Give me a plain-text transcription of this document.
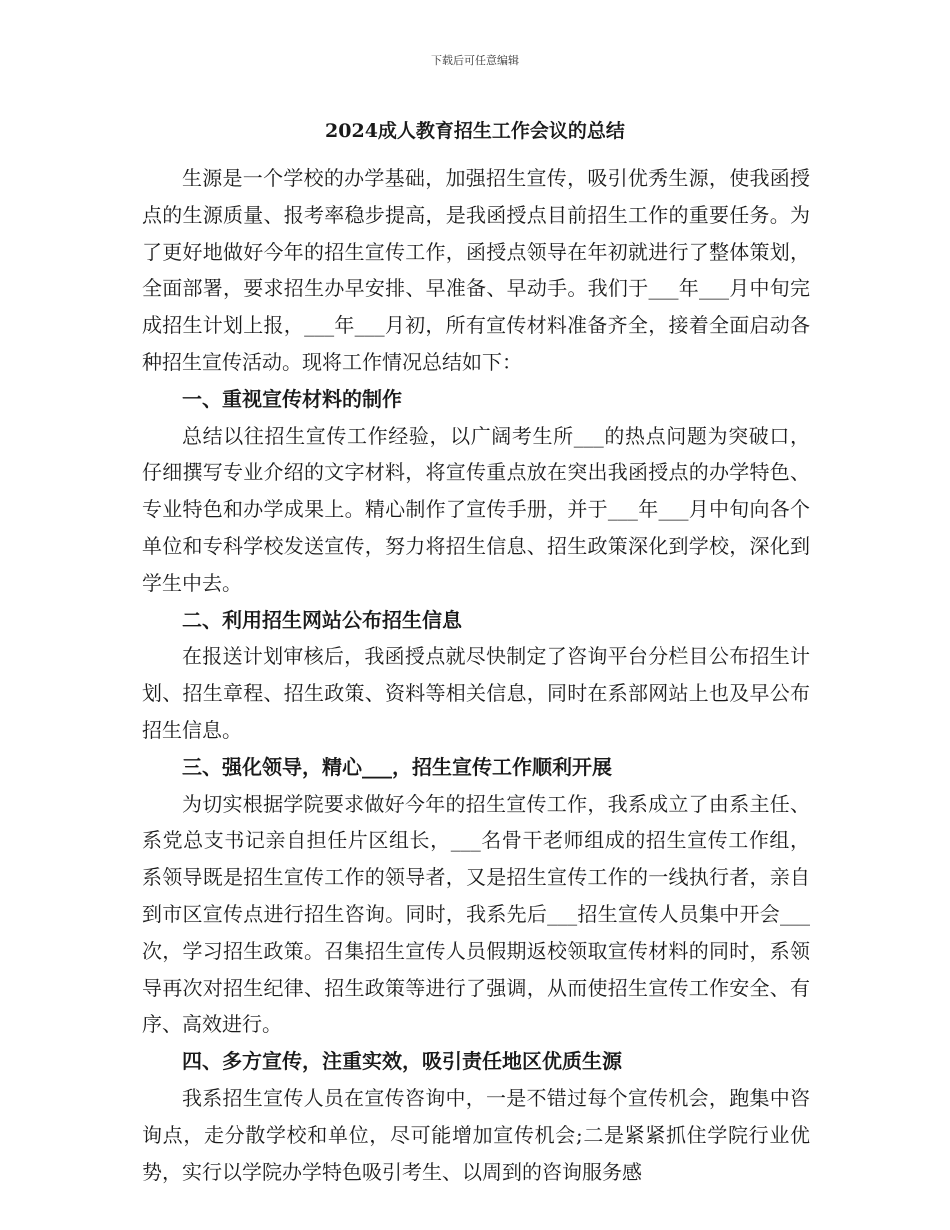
下载后可任意编辑
2024成人教育招生工作会议的总结

生源是一个学校的办学基础，加强招生宣传，吸引优秀生源，使我函授点的生源质量、报考率稳步提高，是我函授点目前招生工作的重要任务。为了更好地做好今年的招生宣传工作，函授点领导在年初就进行了整体策划，全面部署，要求招生办早安排、早准备、早动手。我们于___年___月中旬完成招生计划上报，___年___月初，所有宣传材料准备齐全，接着全面启动各种招生宣传活动。现将工作情况总结如下：

一、重视宣传材料的制作

总结以往招生宣传工作经验，以广阔考生所___的热点问题为突破口，仔细撰写专业介绍的文字材料，将宣传重点放在突出我函授点的办学特色、专业特色和办学成果上。精心制作了宣传手册，并于___年___月中旬向各个单位和专科学校发送宣传，努力将招生信息、招生政策深化到学校，深化到学生中去。

二、利用招生网站公布招生信息

在报送计划审核后，我函授点就尽快制定了咨询平台分栏目公布招生计划、招生章程、招生政策、资料等相关信息，同时在系部网站上也及早公布招生信息。

三、强化领导，精心___，招生宣传工作顺利开展

为切实根据学院要求做好今年的招生宣传工作，我系成立了由系主任、系党总支书记亲自担任片区组长，___名骨干老师组成的招生宣传工作组，系领导既是招生宣传工作的领导者，又是招生宣传工作的一线执行者，亲自到市区宣传点进行招生咨询。同时，我系先后___招生宣传人员集中开会___次，学习招生政策。召集招生宣传人员假期返校领取宣传材料的同时，系领导再次对招生纪律、招生政策等进行了强调，从而使招生宣传工作安全、有序、高效进行。

四、多方宣传，注重实效，吸引责任地区优质生源

我系招生宣传人员在宣传咨询中，一是不错过每个宣传机会，跑集中咨询点，走分散学校和单位，尽可能增加宣传机会;二是紧紧抓住学院行业优势，实行以学院办学特色吸引考生、以周到的咨询服务感
